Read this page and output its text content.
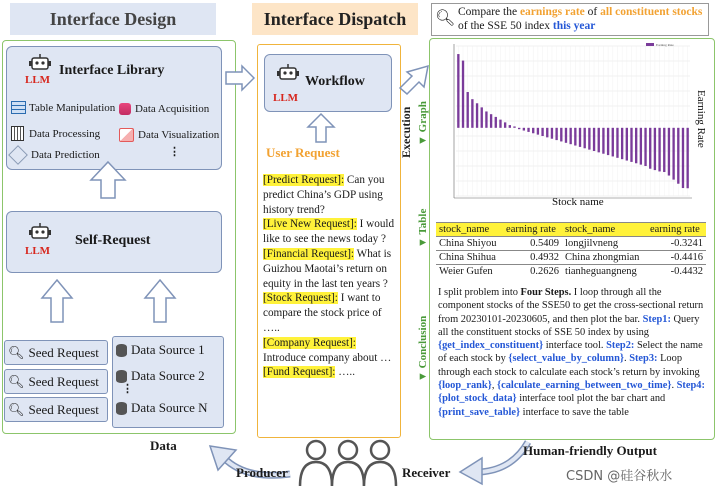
Interface Design	Interface Dispatch
LLM
Interface Library
Table Manipulation Data Acquisition
Data Processing	Data Visualization
Data Prediction	⋮
LLM
Self-Request
🔍︎ Seed Request
🔍︎ Seed Request
🔍︎ Seed Request
Data Source 1
Data Source 2
⋮
Data Source N
LLM
Workflow
User Request
[Predict Request]: Can you predict China’s GDP using history trend?
[Live New Request]: I would like to see the news today ?
[Financial Request]: What is Guizhou Maotai’s return on equity in the last ten years ?
[Stock Request]: I want to compare the stock price of …..
[Company Request]: Introduce company about …
[Fund Request]: …..
Execution
🔍︎ Compare the earnings rate of all constituent stocks of the SSE 50 index this year
▼ Graph
▼ Table
▼ Conclusion
Earning Rate
Stock name
Earning Rate
stock_name	earning rate	stock_name	earning rate
China Shiyou	0.5409	longjilvneng	-0.3241
China Shihua	0.4932	China zhongmian	-0.4416
Weier Gufen	0.2626	tianheguangneng	-0.4432
I split problem into Four Steps. I loop through all the component stocks of the SSE50 to get the cross-sectional return from 20230101-20230605, and then plot the bar. Step1: Query all the constituent stocks of SSE 50 index by using {get_index_constituent} interface tool. Step2: Select the name of each stock by {select_value_by_column}. Step3: Loop through each stock to calculate each stock’s return by invoking {loop_rank}, {calculate_earning_between_two_time}. Step4: {plot_stock_data} interface tool plot the bar chart and {print_save_table} interface to save the table
Data
Producer	Receiver
Human-friendly Output
CSDN @硅谷秋水
